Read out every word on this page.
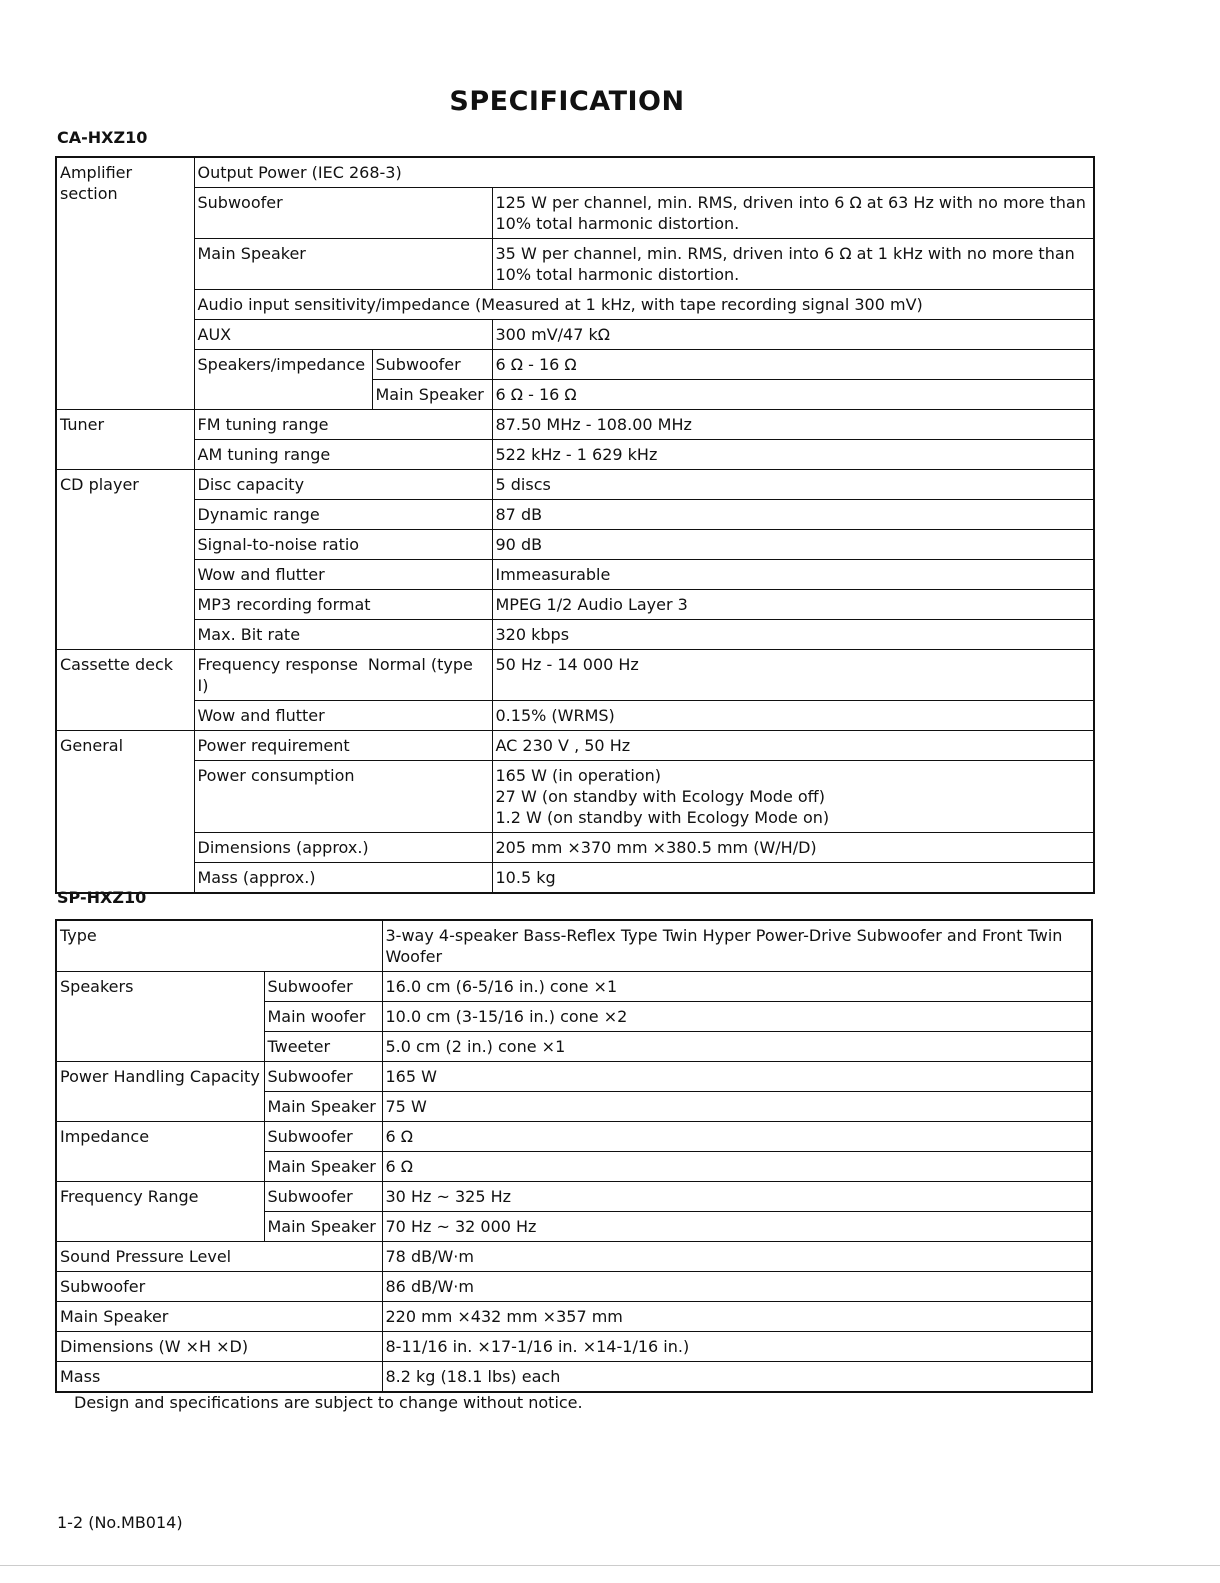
SPECIFICATION
CA-HXZ10
Amplifier section	Output Power (IEC 268-3)		
	Subwoofer		125 W per channel, min. RMS, driven into 6 Ω at 63 Hz with no more than 10% total harmonic distortion.
	Main Speaker		35 W per channel, min. RMS, driven into 6 Ω at 1 kHz with no more than 10% total harmonic distortion.
	Audio input sensitivity/impedance (Measured at 1 kHz, with tape recording signal 300 mV)		
	AUX		300 mV/47 kΩ
	Speakers/impedance	Subwoofer	6 Ω - 16 Ω
		Main Speaker	6 Ω - 16 Ω
Tuner	FM tuning range		87.50 MHz - 108.00 MHz
	AM tuning range		522 kHz - 1 629 kHz
CD player	Disc capacity		5 discs
	Dynamic range		87 dB
	Signal-to-noise ratio		90 dB
	Wow and flutter		Immeasurable
	MP3 recording format		MPEG 1/2 Audio Layer 3
	Max. Bit rate		320 kbps
Cassette deck	Frequency response Normal (type I)		50 Hz - 14 000 Hz
	Wow and flutter		0.15% (WRMS)
General	Power requirement		AC 230 V , 50 Hz
	Power consumption		165 W (in operation)
27 W (on standby with Ecology Mode off)
1.2 W (on standby with Ecology Mode on)

	Dimensions (approx.)		205 mm ×370 mm ×380.5 mm (W/H/D)
	Mass (approx.)		10.5 kg
SP-HXZ10
Type		3-way 4-speaker Bass-Reflex Type Twin Hyper Power-Drive Subwoofer and Front Twin Woofer
Speakers	Subwoofer	16.0 cm (6-5/16 in.) cone ×1
	Main woofer	10.0 cm (3-15/16 in.) cone ×2
	Tweeter	5.0 cm (2 in.) cone ×1
Power Handling Capacity	Subwoofer	165 W
	Main Speaker	75 W
Impedance	Subwoofer	6 Ω
	Main Speaker	6 Ω
Frequency Range	Subwoofer	30 Hz ~ 325 Hz
	Main Speaker	70 Hz ~ 32 000 Hz
Sound Pressure Level		78 dB/W·m
Subwoofer		86 dB/W·m
Main Speaker		220 mm ×432 mm ×357 mm
Dimensions (W ×H ×D)		8-11/16 in. ×17-1/16 in. ×14-1/16 in.)
Mass		8.2 kg (18.1 lbs) each
Design and specifications are subject to change without notice.
1-2 (No.MB014)
